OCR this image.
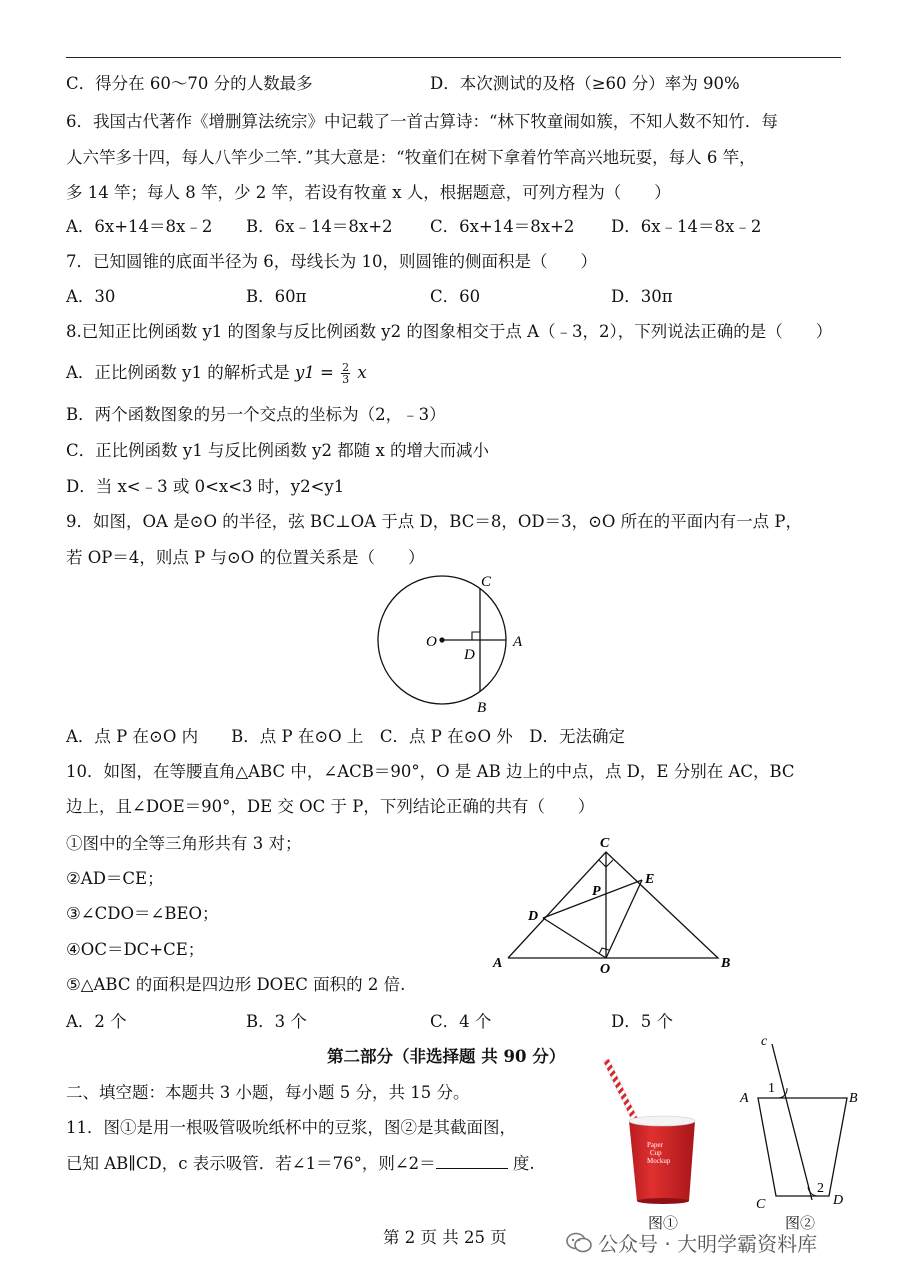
C．得分在 60～70 分的人数最多	D．本次测试的及格（≥60 分）率为 90%
6．我国古代著作《增删算法统宗》中记载了一首古算诗：“林下牧童闹如簇，不知人数不知竹．每
人六竿多十四，每人八竿少二竿．”其大意是：“牧童们在树下拿着竹竿高兴地玩耍，每人 6 竿，
多 14 竿；每人 8 竿，少 2 竿，若设有牧童 x 人，根据题意，可列方程为（　　）
A．6x+14＝8x﹣2 B．6x﹣14＝8x+2 C．6x+14＝8x+2 D．6x﹣14＝8x﹣2
7．已知圆锥的底面半径为 6，母线长为 10，则圆锥的侧面积是（　　）
A．30	B．60π	C．60	D．30π
8.已知正比例函数 y1 的图象与反比例函数 y2 的图象相交于点 A（﹣3，2），下列说法正确的是（　　）
A．正比例函数 y1 的解析式是 $y1 = \frac{2}{3}$ x
B．两个函数图象的另一个交点的坐标为（2，﹣3）
C．正比例函数 y1 与反比例函数 y2 都随 x 的增大而减小
D．当 x<﹣3 或 0<x<3 时，y2<y1
9．如图，OA 是⊙O 的半径，弦 BC⊥OA 于点 D，BC＝8，OD＝3，⊙O 所在的平面内有一点 P，
若 OP＝4，则点 P 与⊙O 的位置关系是（　　）
C
O
D
A
B
A．点 P 在⊙O 内　　B．点 P 在⊙O 上　C．点 P 在⊙O 外　D．无法确定
10．如图，在等腰直角△ABC 中，∠ACB＝90°，O 是 AB 边上的中点，点 D，E 分别在 AC，BC
边上，且∠DOE＝90°，DE 交 OC 于 P，下列结论正确的共有（　　）
①图中的全等三角形共有 3 对；
②AD＝CE；
③∠CDO＝∠BEO；
④OC＝DC+CE；
⑤△ABC 的面积是四边形 DOEC 面积的 2 倍.
C
E
P
D
A	O	B
A．2 个	B．3 个	C．4 个	D．5 个
第二部分（非选择题 共 90 分）
二、填空题：本题共 3 小题，每小题 5 分，共 15 分。
11．图①是用一根吸管吸吮纸杯中的豆浆，图②是其截面图，
已知 AB∥CD，c 表示吸管．若∠1＝76°，则∠2＝	度.
Paper
Cup
Mockup
图①
c
A
1
B
C
2
D
图②
第 2 页 共 25 页	公众号 · 大明学霸资料库
